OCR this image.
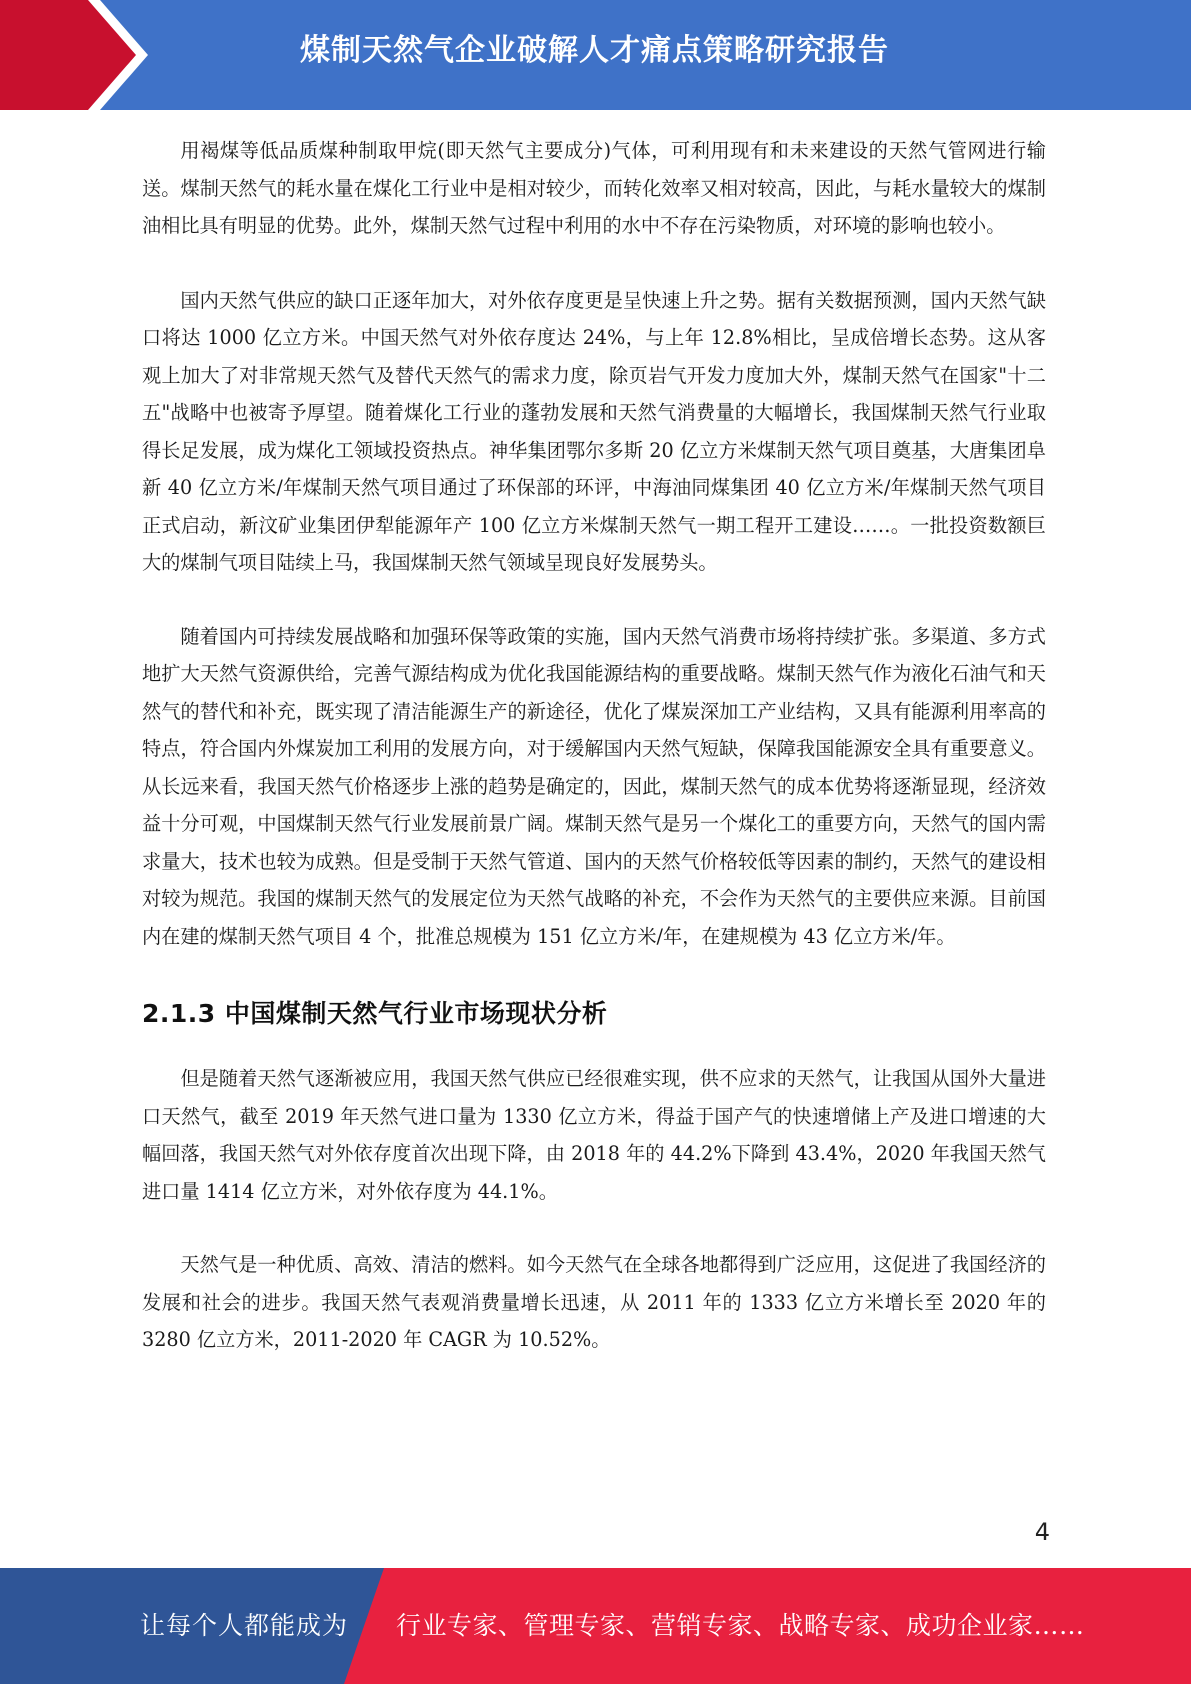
煤制天然气企业破解人才痛点策略研究报告

用褐煤等低品质煤种制取甲烷(即天然气主要成分)气体，可利用现有和未来建设的天然气管网进行输送。煤制天然气的耗水量在煤化工行业中是相对较少，而转化效率又相对较高，因此，与耗水量较大的煤制油相比具有明显的优势。此外，煤制天然气过程中利用的水中不存在污染物质，对环境的影响也较小。

国内天然气供应的缺口正逐年加大，对外依存度更是呈快速上升之势。据有关数据预测，国内天然气缺口将达 1000 亿立方米。中国天然气对外依存度达 24%，与上年 12.8%相比，呈成倍增长态势。这从客观上加大了对非常规天然气及替代天然气的需求力度，除页岩气开发力度加大外，煤制天然气在国家"十二五"战略中也被寄予厚望。随着煤化工行业的蓬勃发展和天然气消费量的大幅增长，我国煤制天然气行业取得长足发展，成为煤化工领域投资热点。神华集团鄂尔多斯 20 亿立方米煤制天然气项目奠基，大唐集团阜新 40 亿立方米/年煤制天然气项目通过了环保部的环评，中海油同煤集团 40 亿立方米/年煤制天然气项目正式启动，新汶矿业集团伊犁能源年产 100 亿立方米煤制天然气一期工程开工建设……。一批投资数额巨大的煤制气项目陆续上马，我国煤制天然气领域呈现良好发展势头。

随着国内可持续发展战略和加强环保等政策的实施，国内天然气消费市场将持续扩张。多渠道、多方式地扩大天然气资源供给，完善气源结构成为优化我国能源结构的重要战略。煤制天然气作为液化石油气和天然气的替代和补充，既实现了清洁能源生产的新途径，优化了煤炭深加工产业结构，又具有能源利用率高的特点，符合国内外煤炭加工利用的发展方向，对于缓解国内天然气短缺，保障我国能源安全具有重要意义。从长远来看，我国天然气价格逐步上涨的趋势是确定的，因此，煤制天然气的成本优势将逐渐显现，经济效益十分可观，中国煤制天然气行业发展前景广阔。煤制天然气是另一个煤化工的重要方向，天然气的国内需求量大，技术也较为成熟。但是受制于天然气管道、国内的天然气价格较低等因素的制约，天然气的建设相对较为规范。我国的煤制天然气的发展定位为天然气战略的补充，不会作为天然气的主要供应来源。目前国内在建的煤制天然气项目 4 个，批准总规模为 151 亿立方米/年，在建规模为 43 亿立方米/年。

2.1.3 中国煤制天然气行业市场现状分析

但是随着天然气逐渐被应用，我国天然气供应已经很难实现，供不应求的天然气，让我国从国外大量进口天然气，截至 2019 年天然气进口量为 1330 亿立方米，得益于国产气的快速增储上产及进口增速的大幅回落，我国天然气对外依存度首次出现下降，由 2018 年的 44.2%下降到 43.4%，2020 年我国天然气进口量 1414 亿立方米，对外依存度为 44.1%。

天然气是一种优质、高效、清洁的燃料。如今天然气在全球各地都得到广泛应用，这促进了我国经济的发展和社会的进步。我国天然气表观消费量增长迅速，从 2011 年的 1333 亿立方米增长至 2020 年的 3280 亿立方米，2011-2020 年 CAGR 为 10.52%。

4
让每个人都能成为 行业专家、管理专家、营销专家、战略专家、成功企业家……
